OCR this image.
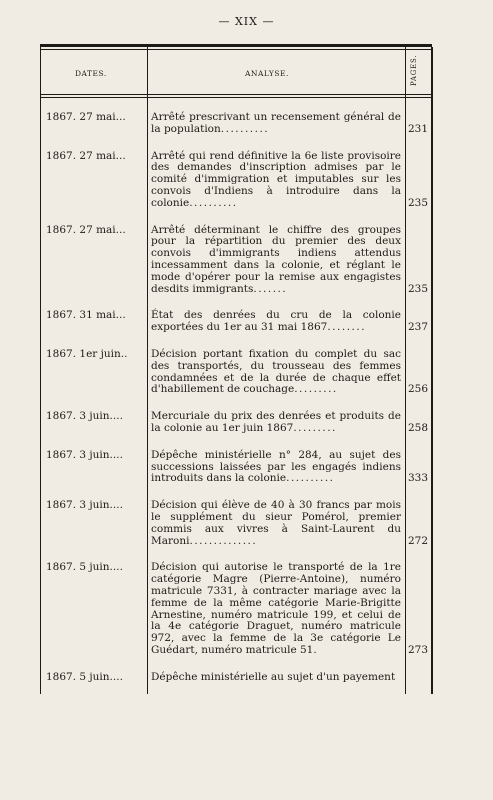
— XIX —
DATES.	ANALYSE.	PAGES.
1867. 27 mai...	Arrêté prescrivant un recensement général de la population..........	231
1867. 27 mai...	Arrêté qui rend définitive la 6e liste provisoire des demandes d'inscription admises par le comité d'immigration et imputables sur les convois d'Indiens à introduire dans la colonie..........	235
1867. 27 mai...	Arrêté déterminant le chiffre des groupes pour la répartition du premier des deux convois d'immigrants indiens attendus incessamment dans la colonie, et réglant le mode d'opérer pour la remise aux engagistes desdits immigrants.......	235
1867. 31 mai...	État des denrées du cru de la colonie exportées du 1er au 31 mai 1867........	237
1867. 1er juin..	Décision portant fixation du complet du sac des transportés, du trousseau des femmes condamnées et de la durée de chaque effet d'habillement de couchage.........	256
1867. 3 juin....	Mercuriale du prix des denrées et produits de la colonie au 1er juin 1867.........	258
1867. 3 juin....	Dépêche ministérielle n° 284, au sujet des successions laissées par les engagés indiens introduits dans la colonie..........	333
1867. 3 juin....	Décision qui élève de 40 à 30 francs par mois le supplément du sieur Pomérol, premier commis aux vivres à Saint-Laurent du Maroni..............	272
1867. 5 juin....	Décision qui autorise le transporté de la 1re catégorie Magre (Pierre-Antoine), numéro matricule 7331, à contracter mariage avec la femme de la même catégorie Marie-Brigitte Arnestine, numéro matricule 199, et celui de la 4e catégorie Draguet, numéro matricule 972, avec la femme de la 3e catégorie Le Guédart, numéro matricule 51.	273
1867. 5 juin....	Dépêche ministérielle au sujet d'un payement
